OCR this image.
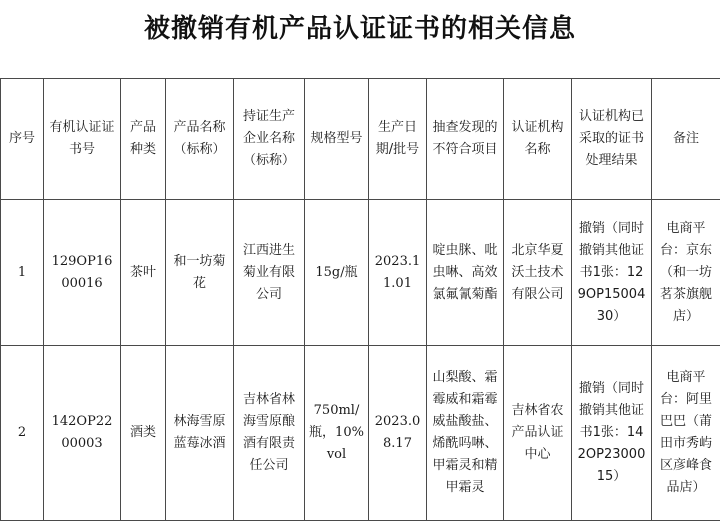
被撤销有机产品认证证书的相关信息
序号	有机认证证书号	产品种类	产品名称（标称）	持证生产企业名称（标称）	规格型号	生产日期/批号	抽查发现的不符合项目	认证机构名称	认证机构已采取的证书处理结果	备注
1	129OP1600016	茶叶	和一坊菊花	江西进生菊业有限公司	15g/瓶	2023.11.01	啶虫脒、吡虫啉、高效氯氟氰菊酯	北京华夏沃土技术有限公司	撤销（同时撤销其他证书1张：129OP1500430）	电商平台：京东（和一坊茗茶旗舰店）
2	142OP2200003	酒类	林海雪原蓝莓冰酒	吉林省林海雪原酿酒有限责任公司	750ml/瓶，10%vol	2023.08.17	山梨酸、霜霉威和霜霉威盐酸盐、烯酰吗啉、甲霜灵和精甲霜灵	吉林省农产品认证中心	撤销（同时撤销其他证书1张：142OP2300015）	电商平台：阿里巴巴（莆田市秀屿区彦峰食品店）
